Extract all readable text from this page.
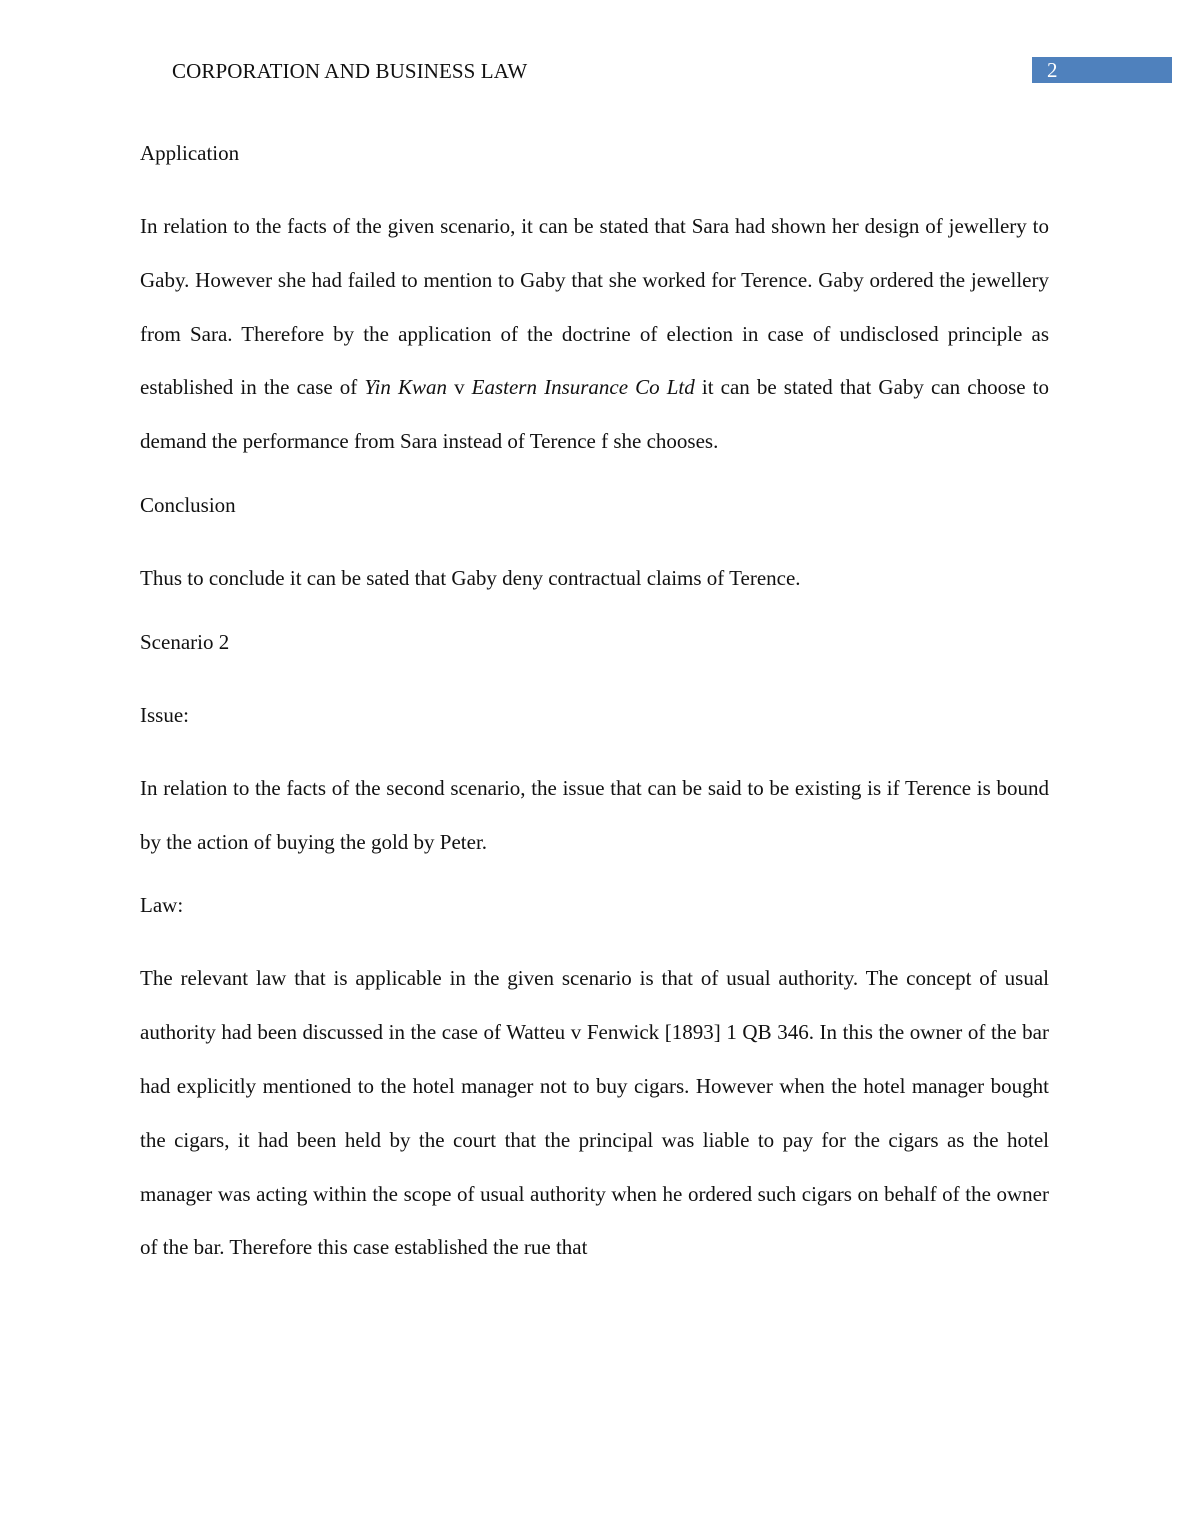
CORPORATION AND BUSINESS LAW	2
Application
In relation to the facts of the given scenario, it can be stated that Sara had shown her design of jewellery to Gaby. However she had failed to mention to Gaby that she worked for Terence. Gaby ordered the jewellery from Sara. Therefore by the application of the doctrine of election in case of undisclosed principle as established in the case of Yin Kwan v Eastern Insurance Co Ltd it can be stated that Gaby can choose to demand the performance from Sara instead of Terence f she chooses.
Conclusion
Thus to conclude it can be sated that Gaby deny contractual claims of Terence.
Scenario 2
Issue:
In relation to the facts of the second scenario, the issue that can be said to be existing is if Terence is bound by the action of buying the gold by Peter.
Law:
The relevant law that is applicable in the given scenario is that of usual authority. The concept of usual authority had been discussed in the case of Watteu v Fenwick [1893] 1 QB 346. In this the owner of the bar had explicitly mentioned to the hotel manager not to buy cigars. However when the hotel manager bought the cigars, it had been held by the court that the principal was liable to pay for the cigars as the hotel manager was acting within the scope of usual authority when he ordered such cigars on behalf of the owner of the bar. Therefore this case established the rue that
